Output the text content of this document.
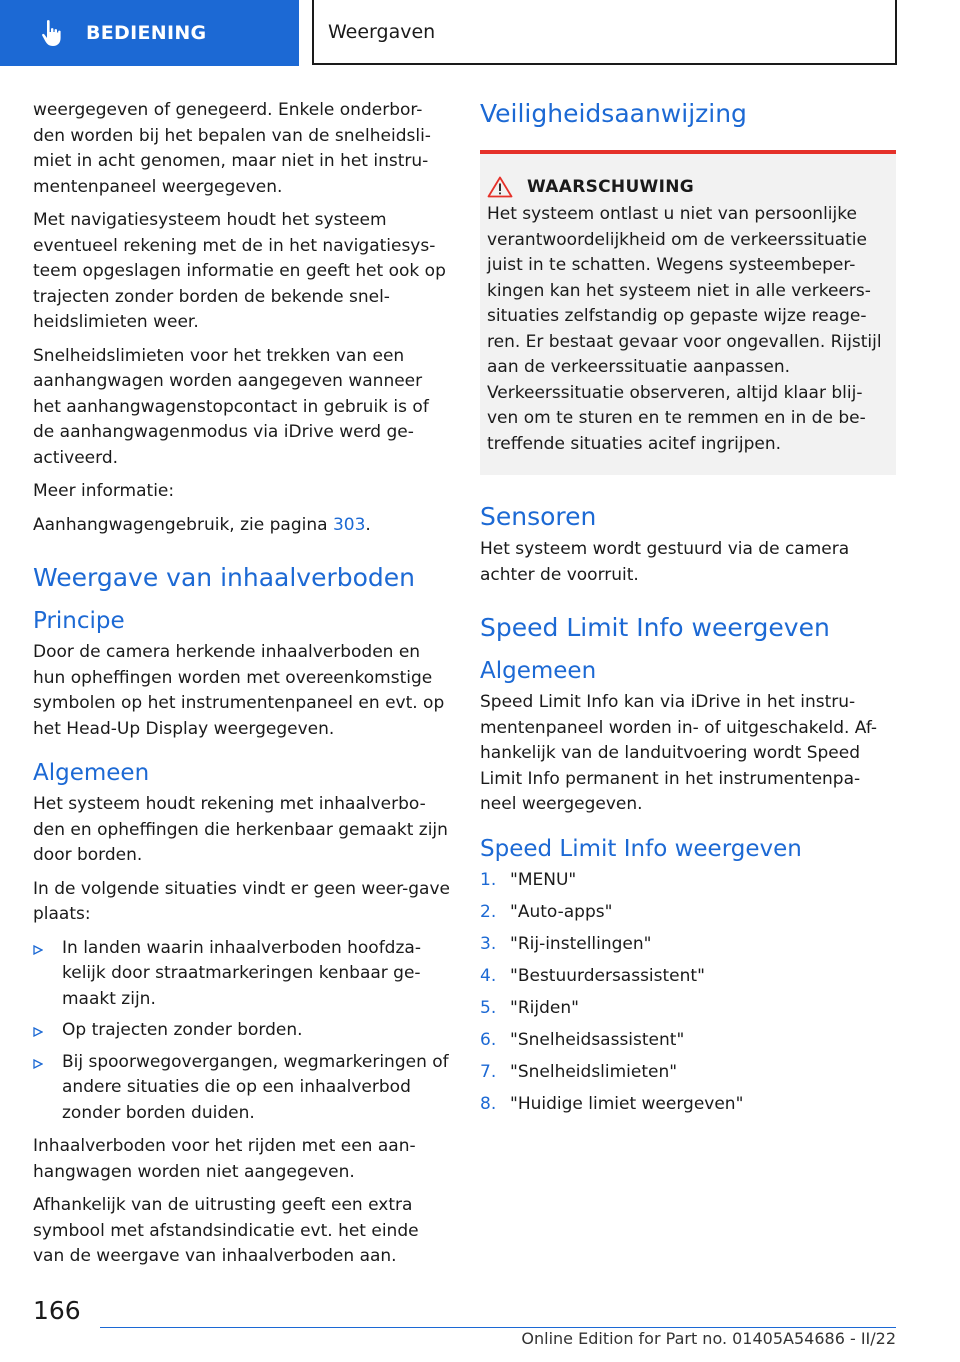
BEDIENING	Weergaven

weergegeven of genegeerd. Enkele onderbor-den worden bij het bepalen van de snelheidsli-miet in acht genomen, maar niet in het instru-mentenpaneel weergegeven.

Met navigatiesysteem houdt het systeem eventueel rekening met de in het navigatiesys-teem opgeslagen informatie en geeft het ook op trajecten zonder borden de bekende snel-heidslimieten weer.

Snelheidslimieten voor het trekken van een aanhangwagen worden aangegeven wanneer het aanhangwagenstopcontact in gebruik is of de aanhangwagenmodus via iDrive werd ge-activeerd.

Meer informatie:

Aanhangwagengebruik, zie pagina 303.

Weergave van inhaalverboden
Principe

Door de camera herkende inhaalverboden en hun opheffingen worden met overeenkomstige symbolen op het instrumentenpaneel en evt. op het Head-Up Display weergegeven.

Algemeen

Het systeem houdt rekening met inhaalverbo-den en opheffingen die herkenbaar gemaakt zijn door borden.

In de volgende situaties vindt er geen weer-gave plaats:

In landen waarin inhaalverboden hoofdza-kelijk door straatmarkeringen kenbaar ge-maakt zijn.
Op trajecten zonder borden.
Bij spoorwegovergangen, wegmarkeringen of andere situaties die op een inhaalverbod zonder borden duiden.

Inhaalverboden voor het rijden met een aan-hangwagen worden niet aangegeven.

Afhankelijk van de uitrusting geeft een extra symbool met afstandsindicatie evt. het einde van de weergave van inhaalverboden aan.

Veiligheidsaanwijzing
WAARSCHUWING

Het systeem ontlast u niet van persoonlijke verantwoordelijkheid om de verkeerssituatie juist in te schatten. Wegens systeembeper-kingen kan het systeem niet in alle verkeers-situaties zelfstandig op gepaste wijze reage-ren. Er bestaat gevaar voor ongevallen. Rijstijl aan de verkeerssituatie aanpassen. Verkeerssituatie observeren, altijd klaar blij-ven om te sturen en te remmen en in de be-treffende situaties acitef ingrijpen.

Sensoren

Het systeem wordt gestuurd via de camera achter de voorruit.

Speed Limit Info weergeven
Algemeen

Speed Limit Info kan via iDrive in het instru-mentenpaneel worden in- of uitgeschakeld. Af-hankelijk van de landuitvoering wordt Speed Limit Info permanent in het instrumentenpa-neel weergegeven.

Speed Limit Info weergeven
1. "MENU"
2. "Auto-apps"
3. "Rij-instellingen"
4. "Bestuurdersassistent"
5. "Rijden"
6. "Snelheidsassistent"
7. "Snelheidslimieten"
8. "Huidige limiet weergeven"
166
Online Edition for Part no. 01405A54686 - II/22
